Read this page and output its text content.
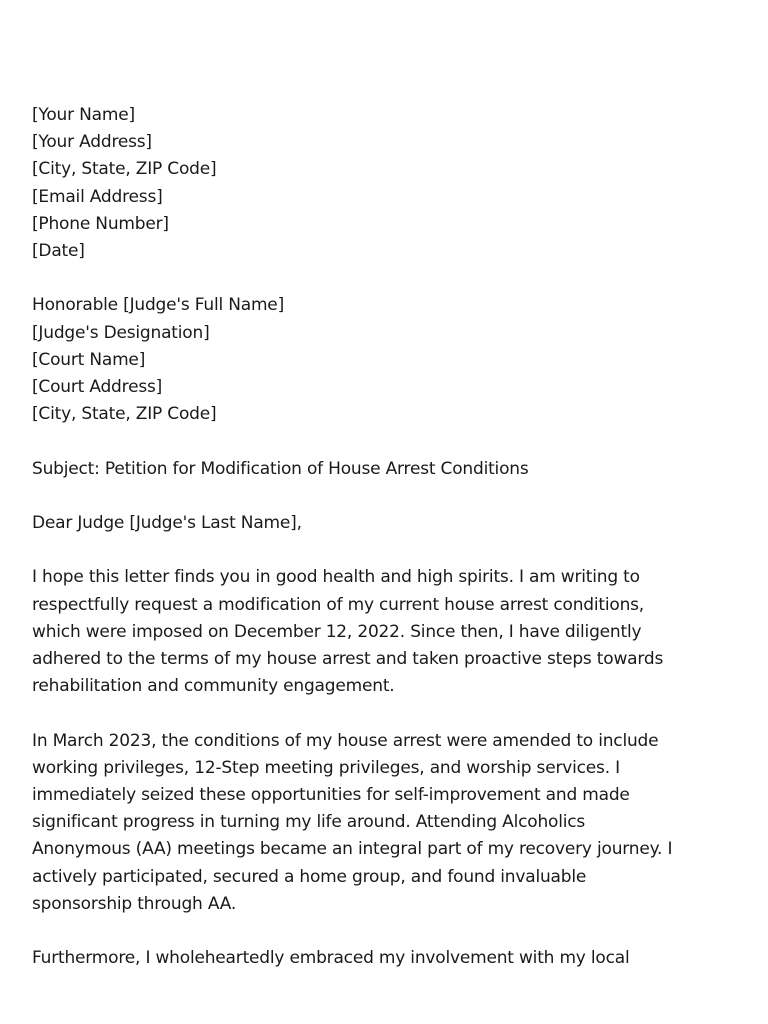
[Your Name]
[Your Address]
[City, State, ZIP Code]
[Email Address]
[Phone Number]
[Date]
Honorable [Judge's Full Name]
[Judge's Designation]
[Court Name]
[Court Address]
[City, State, ZIP Code]
Subject: Petition for Modification of House Arrest Conditions
Dear Judge [Judge's Last Name],
I hope this letter finds you in good health and high spirits. I am writing to
respectfully request a modification of my current house arrest conditions,
which were imposed on December 12, 2022. Since then, I have diligently
adhered to the terms of my house arrest and taken proactive steps towards
rehabilitation and community engagement.
In March 2023, the conditions of my house arrest were amended to include
working privileges, 12-Step meeting privileges, and worship services. I
immediately seized these opportunities for self-improvement and made
significant progress in turning my life around. Attending Alcoholics
Anonymous (AA) meetings became an integral part of my recovery journey. I
actively participated, secured a home group, and found invaluable
sponsorship through AA.
Furthermore, I wholeheartedly embraced my involvement with my local
